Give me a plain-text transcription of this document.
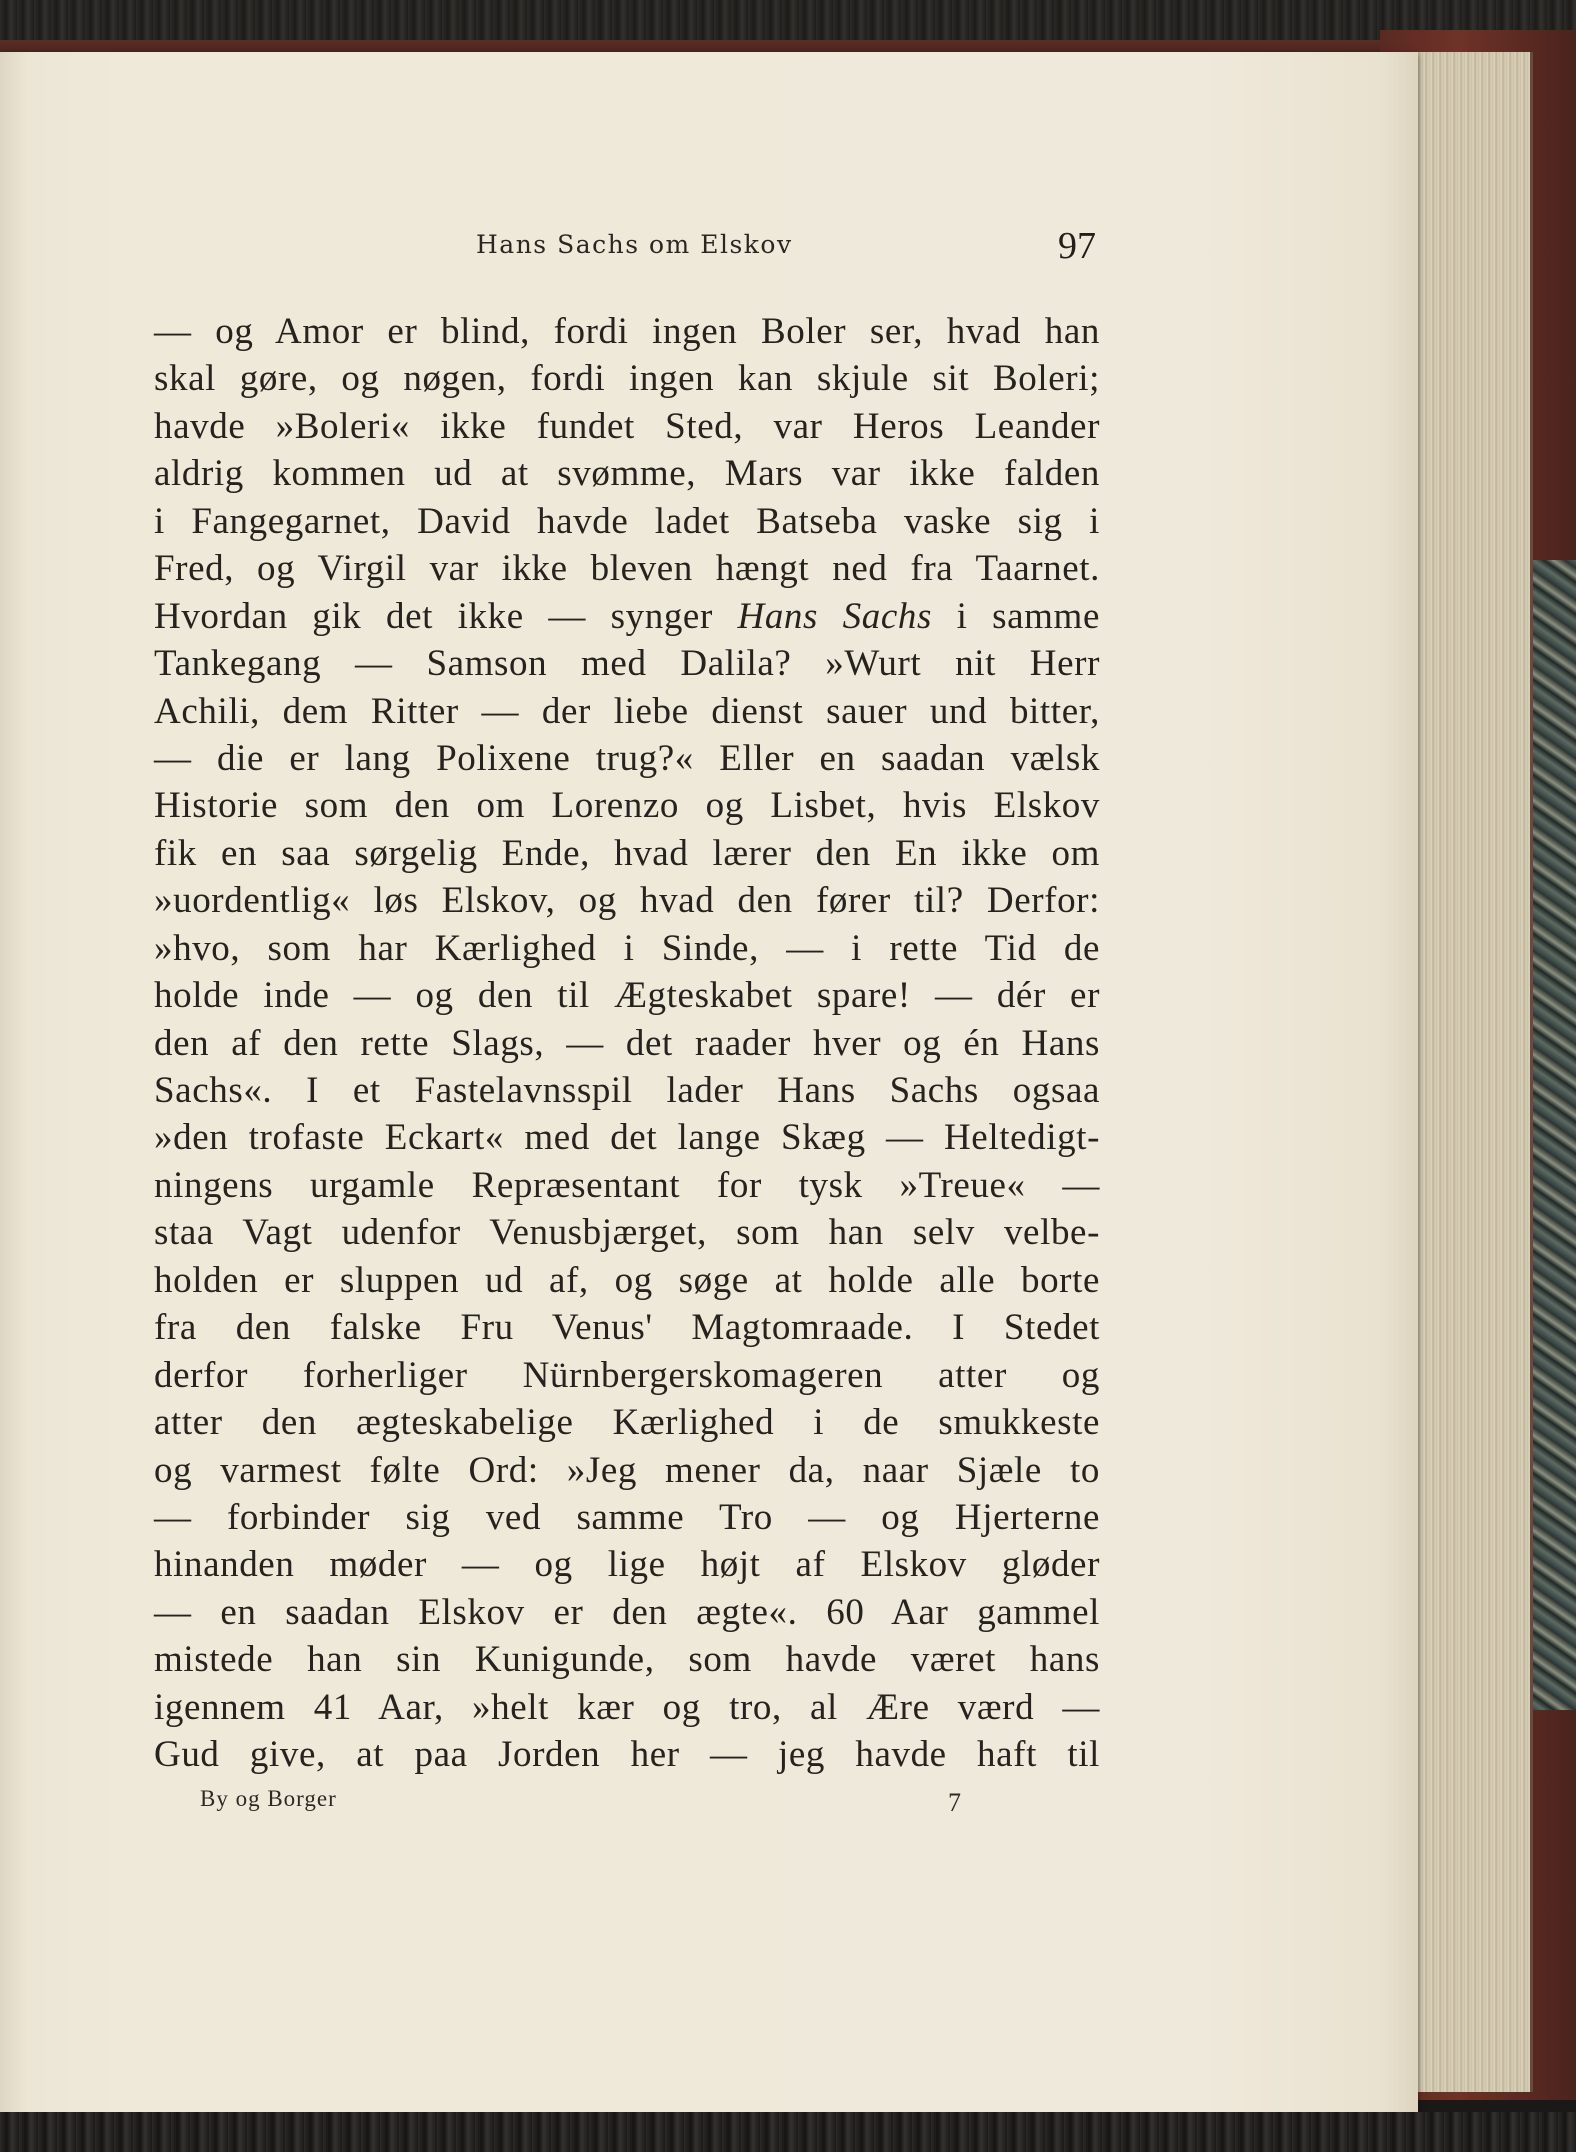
Hans Sachs om Elskov	97
— og Amor er blind, fordi ingen Boler ser, hvad han
skal gøre, og nøgen, fordi ingen kan skjule sit Boleri;
havde »Boleri« ikke fundet Sted, var Heros Leander
aldrig kommen ud at svømme, Mars var ikke falden
i Fangegarnet, David havde ladet Batseba vaske sig i
Fred, og Virgil var ikke bleven hængt ned fra Taarnet.
Hvordan gik det ikke — synger Hans Sachs i samme
Tankegang — Samson med Dalila? »Wurt nit Herr
Achili, dem Ritter — der liebe dienst sauer und bitter,
— die er lang Polixene trug?« Eller en saadan vælsk
Historie som den om Lorenzo og Lisbet, hvis Elskov
fik en saa sørgelig Ende, hvad lærer den En ikke om
»uordentlig« løs Elskov, og hvad den fører til? Derfor:
»hvo, som har Kærlighed i Sinde, — i rette Tid de
holde inde — og den til Ægteskabet spare! — dér er
den af den rette Slags, — det raader hver og én Hans
Sachs«. I et Fastelavnsspil lader Hans Sachs ogsaa
»den trofaste Eckart« med det lange Skæg — Heltedigt-
ningens urgamle Repræsentant for tysk »Treue« —
staa Vagt udenfor Venusbjærget, som han selv velbe-
holden er sluppen ud af, og søge at holde alle borte
fra den falske Fru Venus' Magtomraade. I Stedet
derfor forherliger Nürnbergerskomageren atter og
atter den ægteskabelige Kærlighed i de smukkeste
og varmest følte Ord: »Jeg mener da, naar Sjæle to
— forbinder sig ved samme Tro — og Hjerterne
hinanden møder — og lige højt af Elskov gløder
— en saadan Elskov er den ægte«. 60 Aar gammel
mistede han sin Kunigunde, som havde været hans
igennem 41 Aar, »helt kær og tro, al Ære værd —
Gud give, at paa Jorden her — jeg havde haft til
By og Borger	7
